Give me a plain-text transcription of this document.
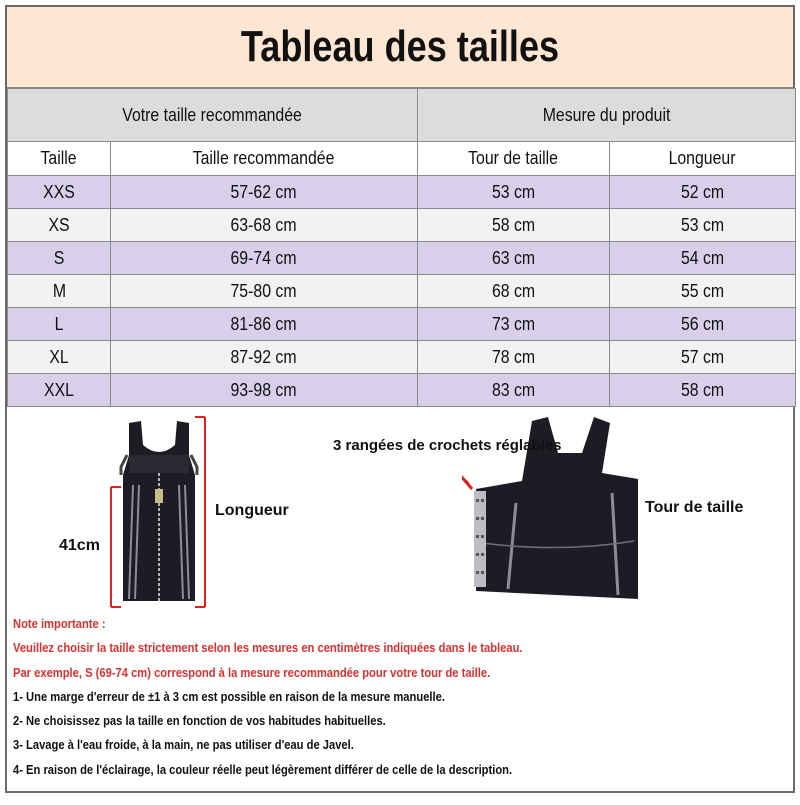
Tableau des tailles
Votre taille recommandée		Mesure du produit	
Taille	Taille recommandée	Tour de taille	Longueur
XXS	57-62 cm	53 cm	52 cm
XS	63-68 cm	58 cm	53 cm
S	69-74 cm	63 cm	54 cm
M	75-80 cm	68 cm	55 cm
L	81-86 cm	73 cm	56 cm
XL	87-92 cm	78 cm	57 cm
XXL	93-98 cm	83 cm	58 cm
Longueur
41cm
3 rangées de crochets réglables
Tour de taille
Note importante :
Veuillez choisir la taille strictement selon les mesures en centimètres indiquées dans le tableau.
Par exemple, S (69-74 cm) correspond à la mesure recommandée pour votre tour de taille.
1- Une marge d'erreur de ±1 à 3 cm est possible en raison de la mesure manuelle.
2- Ne choisissez pas la taille en fonction de vos habitudes habituelles.
3- Lavage à l'eau froide, à la main, ne pas utiliser d'eau de Javel.
4- En raison de l'éclairage, la couleur réelle peut légèrement différer de celle de la description.
